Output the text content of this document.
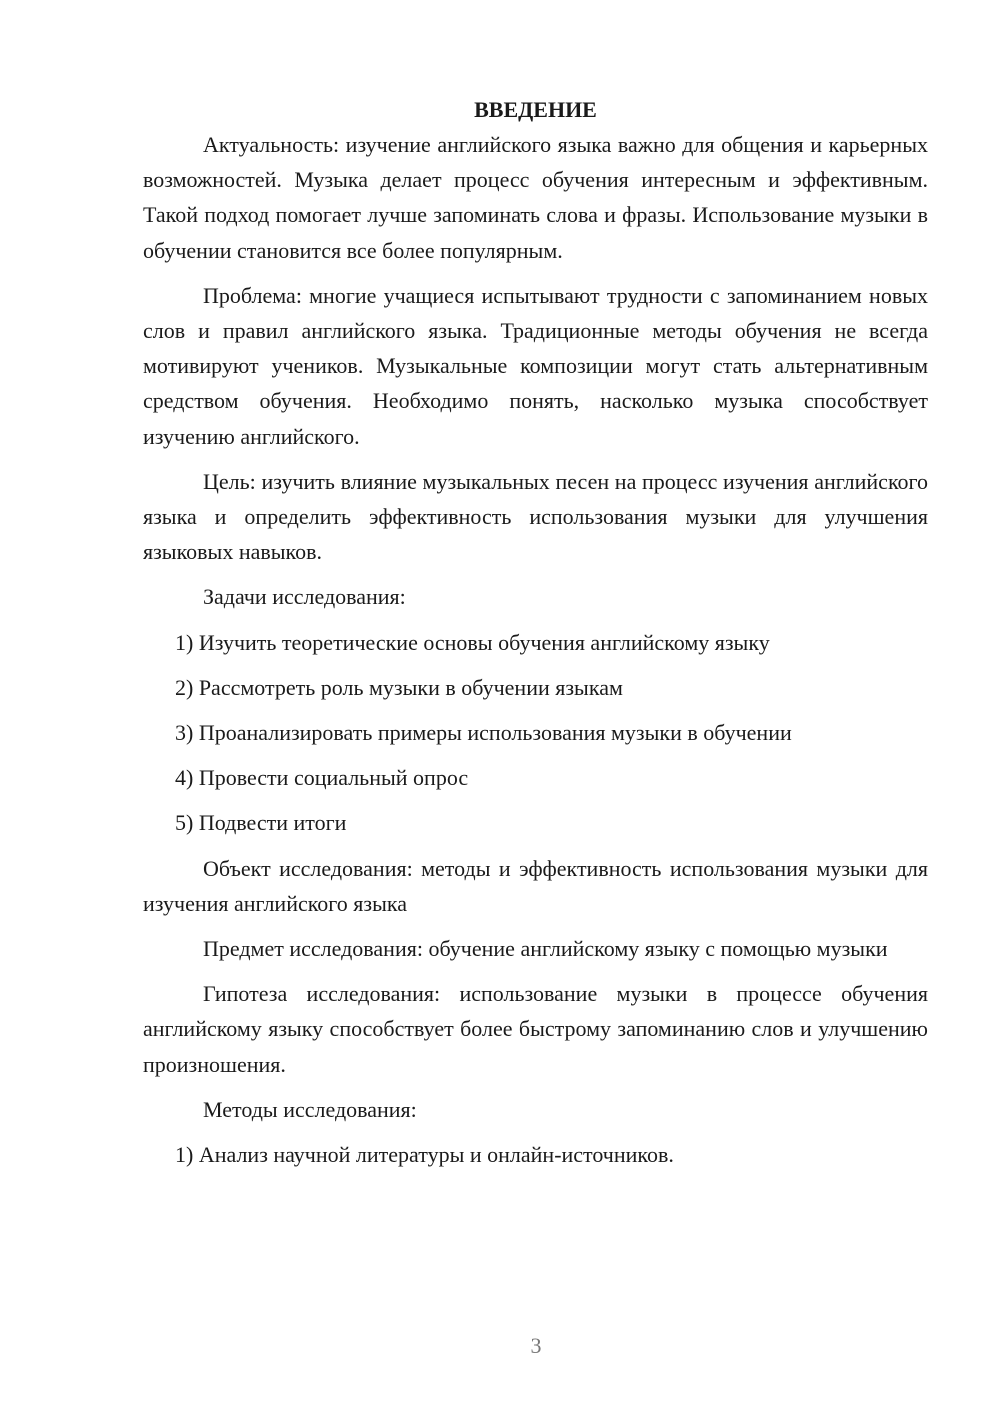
ВВЕДЕНИЕ

Актуальность: изучение английского языка важно для общения и карьерных возможностей. Музыка делает процесс обучения интересным и эффективным. Такой подход помогает лучше запоминать слова и фразы. Использование музыки в обучении становится все более популярным.

Проблема: многие учащиеся испытывают трудности с запоминанием новых слов и правил английского языка. Традиционные методы обучения не всегда мотивируют учеников. Музыкальные композиции могут стать альтернативным средством обучения. Необходимо понять, насколько музыка способствует изучению английского.

Цель: изучить влияние музыкальных песен на процесс изучения английского языка и определить эффективность использования музыки для улучшения языковых навыков.

Задачи исследования:

1) Изучить теоретические основы обучения английскому языку

2) Рассмотреть роль музыки в обучении языкам

3) Проанализировать примеры использования музыки в обучении

4) Провести социальный опрос

5) Подвести итоги

Объект исследования: методы и эффективность использования музыки для изучения английского языка

Предмет исследования: обучение английскому языку с помощью музыки

Гипотеза исследования: использование музыки в процессе обучения английскому языку способствует более быстрому запоминанию слов и улучшению произношения.

Методы исследования:

1) Анализ научной литературы и онлайн-источников.

3
